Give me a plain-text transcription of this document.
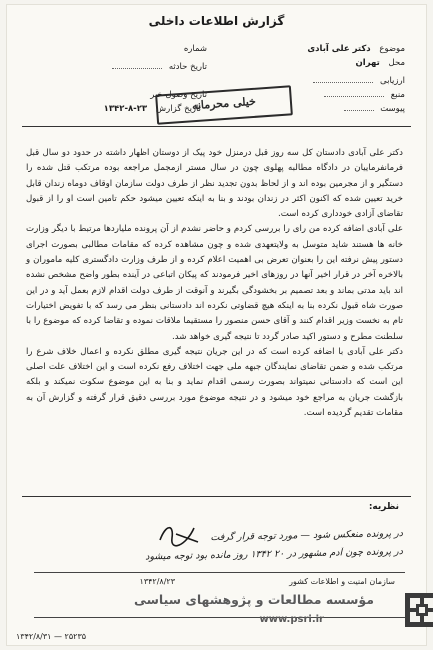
گزارش اطلاعات داخلی
موضوع دکتر علی آبادی
محل تهران
ارزیابی
منبع
پیوست
شماره
تاریخ حادثه
تاریخ وصول خبر
تاریخ گزارش ۲۳-۸-۱۳۴۲	خیلی محرمانه

دکتر علی آبادی دادستان کل سه روز قبل درمنزل خود پیک از دوستان اظهار داشته در حدود دو سال قبل فرمانفرماییان در دادگاه مطالبه پهلوی چون در سال مستر ازمجمل مراجعه بوده مرتکب قتل شده را دستگیر و از مجرمین بوده اند و از لحاظ بدون تجدید نظر از طرف دولت سازمان اوقاف دوماه زندان قابل خرید تعیین شده که اکنون اکثر در زندان بودند و بنا به اینکه تعیین میشود حکم تامین است او را از قبول تقاضای آزادی خودداری کرده است.

علی آبادی اضافه کرده من رای را بررسی کردم و حاضر نشدم از آن پرونده ملیاردها مرتبط با دیگر وزارت خانه ها هستند شاید متوسل به ولایتعهدی شده و چون مشاهده کرده که مقامات مطالبی بصورت اجرای دستور پیش نرفته این را بعنوان تعرض بی اهمیت اعلام کرده و از طرف وزارت دادگستری کلیه ماموران و بالاخره آخر در قرار اخیر آنها در روزهای اخیر فرمودند که پیکان اتباعی در آینده بطور واضح مشخص نشده اند باید مدتی بماند و بعد تصمیم بر بخشودگی بگیرند و آنوقت از طرف دولت اقدام لازم بعمل آید و در این صورت شاه قبول نکرده بنا به اینکه هیچ قضاوتی نکرده اند دادستانی بنظر می رسد که با تفویض اختیارات تام به نخست وزیر اقدام کنند و آقای حسن منصور را مستقیما ملاقات نموده و تقاضا کرده که موضوع را با سلطنت مطرح و دستور اکید صادر گردد تا نتیجه گیری خواهد شد.

دکتر علی آبادی با اضافه کرده است که در این جریان نتیجه گیری مطلق نکرده و اعمال خلاف شرع را مرتکب شده و ضمن تقاضای نمایندگان جبهه ملی جهت اختلاف رفع نکرده است و این اختلاف علت اصلی این است که دادستانی نمیتواند بصورت رسمی اقدام نماید و بنا به این موضوع سکوت نمیکند و بلکه بازگشت جریان به مراجع خود میشود و در نتیجه موضوع مورد بررسی دقیق قرار گرفته و گزارش آن به مقامات تقدیم گردیده است.

نظریه:
در پرونده منعکس شود — مورد توجه قرار گرفت
در پرونده چون آدم مشهور در ۲۰ ۱۳۴۲ روز مانده بود توجه میشود
سازمان امنیت و اطلاعات کشور
۱۳۴۲/۸/۲۳
مؤسسه مطالعات و پژوهشهای سیاسی
www.psri.ir
۱۳۴۲/۸/۳۱ — ۲۵۲۳۵
